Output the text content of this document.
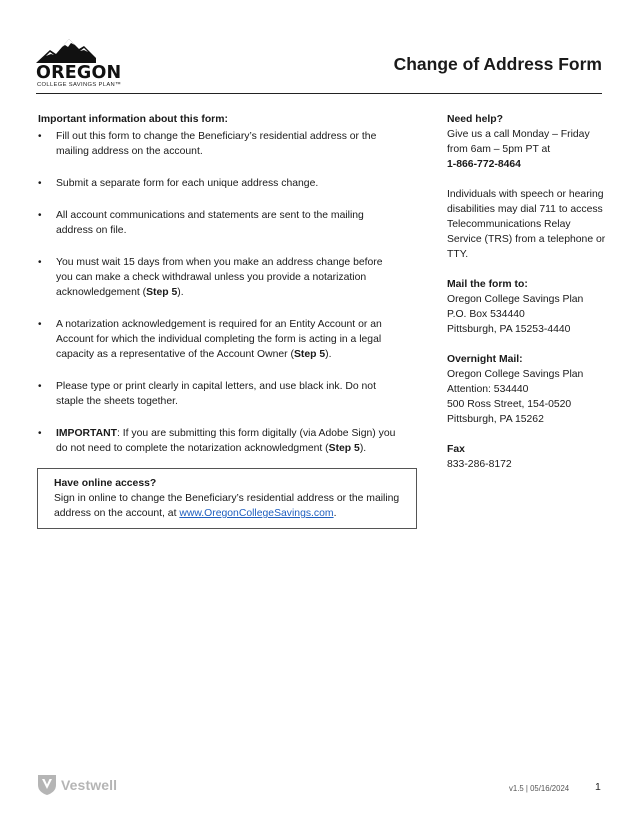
OREGON
COLLEGE SAVINGS PLAN™
Change of Address Form
Important information about this form:
• Fill out this form to change the Beneficiary’s residential address or the mailing address on the account.
• Submit a separate form for each unique address change.
• All account communications and statements are sent to the mailing address on file.
• You must wait 15 days from when you make an address change before you can make a check withdrawal unless you provide a notarization acknowledgement (Step 5).
• A notarization acknowledgement is required for an Entity Account or an Account for which the individual completing the form is acting in a legal capacity as a representative of the Account Owner (Step 5).
• Please type or print clearly in capital letters, and use black ink. Do not staple the sheets together.
• IMPORTANT: If you are submitting this form digitally (via Adobe Sign) you do not need to complete the notarization acknowledgment (Step 5).
Have online access?
Sign in online to change the Beneficiary’s residential address or the mailing address on the account, at www.OregonCollegeSavings.com.
Need help?
Give us a call Monday – Friday from 6am – 5pm PT at
1-866-772-8464
Individuals with speech or hearing disabilities may dial 711 to access Telecommunications Relay Service (TRS) from a telephone or TTY.
Mail the form to:
Oregon College Savings Plan
P.O. Box 534440
Pittsburgh, PA 15253-4440
Overnight Mail:
Oregon College Savings Plan
Attention: 534440
500 Ross Street, 154-0520
Pittsburgh, PA 15262
Fax
833-286-8172
Vestwell	v1.5 | 05/16/2024 1
